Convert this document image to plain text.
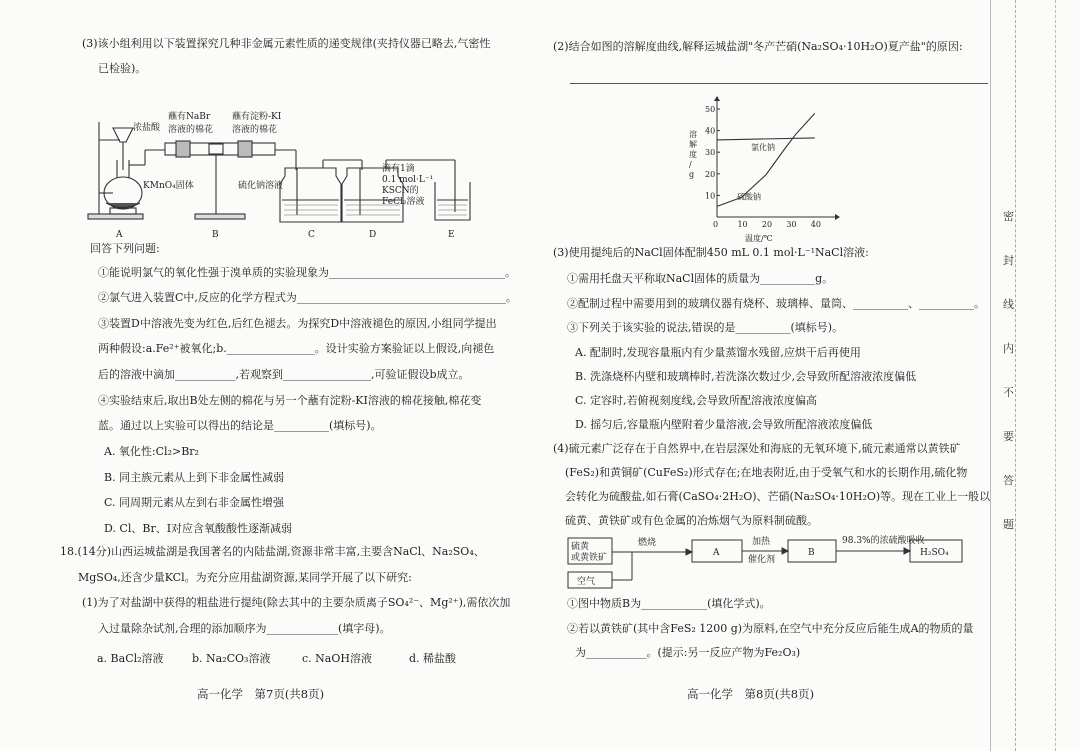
(3)该小组利用以下装置探究几种非金属元素性质的递变规律(夹持仪器已略去,气密性
已检验)。
回答下列问题:
①能说明氯气的氧化性强于溴单质的实验现象为________________________________。
②氯气进入装置C中,反应的化学方程式为______________________________________。
③装置D中溶液先变为红色,后红色褪去。为探究D中溶液褪色的原因,小组同学提出
两种假设:a.Fe²⁺被氧化;b.________________。设计实验方案验证以上假设,向褪色
后的溶液中滴加___________,若观察到________________,可验证假设b成立。
④实验结束后,取出B处左侧的棉花与另一个蘸有淀粉-KI溶液的棉花接触,棉花变
蓝。通过以上实验可以得出的结论是__________(填标号)。
A. 氧化性:Cl₂>Br₂
B. 同主族元素从上到下非金属性减弱
C. 同周期元素从左到右非金属性增强
D. Cl、Br、I对应含氧酸酸性逐渐减弱
18.(14分)山西运城盐湖是我国著名的内陆盐湖,资源非常丰富,主要含NaCl、Na₂SO₄、
MgSO₄,还含少量KCl。为充分应用盐湖资源,某同学开展了以下研究:
(1)为了对盐湖中获得的粗盐进行提纯(除去其中的主要杂质离子SO₄²⁻、Mg²⁺),需依次加
入过量除杂试剂,合理的添加顺序为_____________(填字母)。
浓盐酸
蘸有NaBr
溶液的棉花
蘸有淀粉-KI
溶液的棉花
KMnO₄固体	硫化钠溶液
滴有1滴
0.1 mol·L⁻¹
KSCN的
FeCl₂溶液
A	B	C	D	E
a. BaCl₂溶液	b. Na₂CO₃溶液	c. NaOH溶液	d. 稀盐酸
高一化学　第7页(共8页)
(2)结合如图的溶解度曲线,解释运城盐湖"冬产芒硝(Na₂SO₄·10H₂O)夏产盐"的原因:
(3)使用提纯后的NaCl固体配制450 mL 0.1 mol·L⁻¹NaCl溶液:
①需用托盘天平称取NaCl固体的质量为__________g。
②配制过程中需要用到的玻璃仪器有烧杯、玻璃棒、量筒、__________、__________。
③下列关于该实验的说法,错误的是__________(填标号)。
A. 配制时,发现容量瓶内有少量蒸馏水残留,应烘干后再使用
B. 洗涤烧杯内壁和玻璃棒时,若洗涤次数过少,会导致所配溶液浓度偏低
C. 定容时,若俯视刻度线,会导致所配溶液浓度偏高
D. 摇匀后,容量瓶内壁附着少量溶液,会导致所配溶液浓度偏低
(4)硫元素广泛存在于自然界中,在岩层深处和海底的无氧环境下,硫元素通常以黄铁矿
(FeS₂)和黄铜矿(CuFeS₂)形式存在;在地表附近,由于受氧气和水的长期作用,硫化物
会转化为硫酸盐,如石膏(CaSO₄·2H₂O)、芒硝(Na₂SO₄·10H₂O)等。现在工业上一般以
硫黄、黄铁矿或有色金属的冶炼烟气为原料制硫酸。
①图中物质B为____________(填化学式)。
②若以黄铁矿(其中含FeS₂ 1200 g)为原料,在空气中充分反应后能生成A的物质的量
为___________。(提示:另一反应产物为Fe₂O₃)
0 10 20 30 40
10
20
30
40
50
溶
解
度
/
g
温度/℃
氯化钠
硫酸钠
硫黄
或黄铁矿
空气
燃烧
A
加热
催化剂
B
98.3%的浓硫酸吸收
H₂SO₄
高一化学　第8页(共8页)
密
封
线
内
不
要
答
题
